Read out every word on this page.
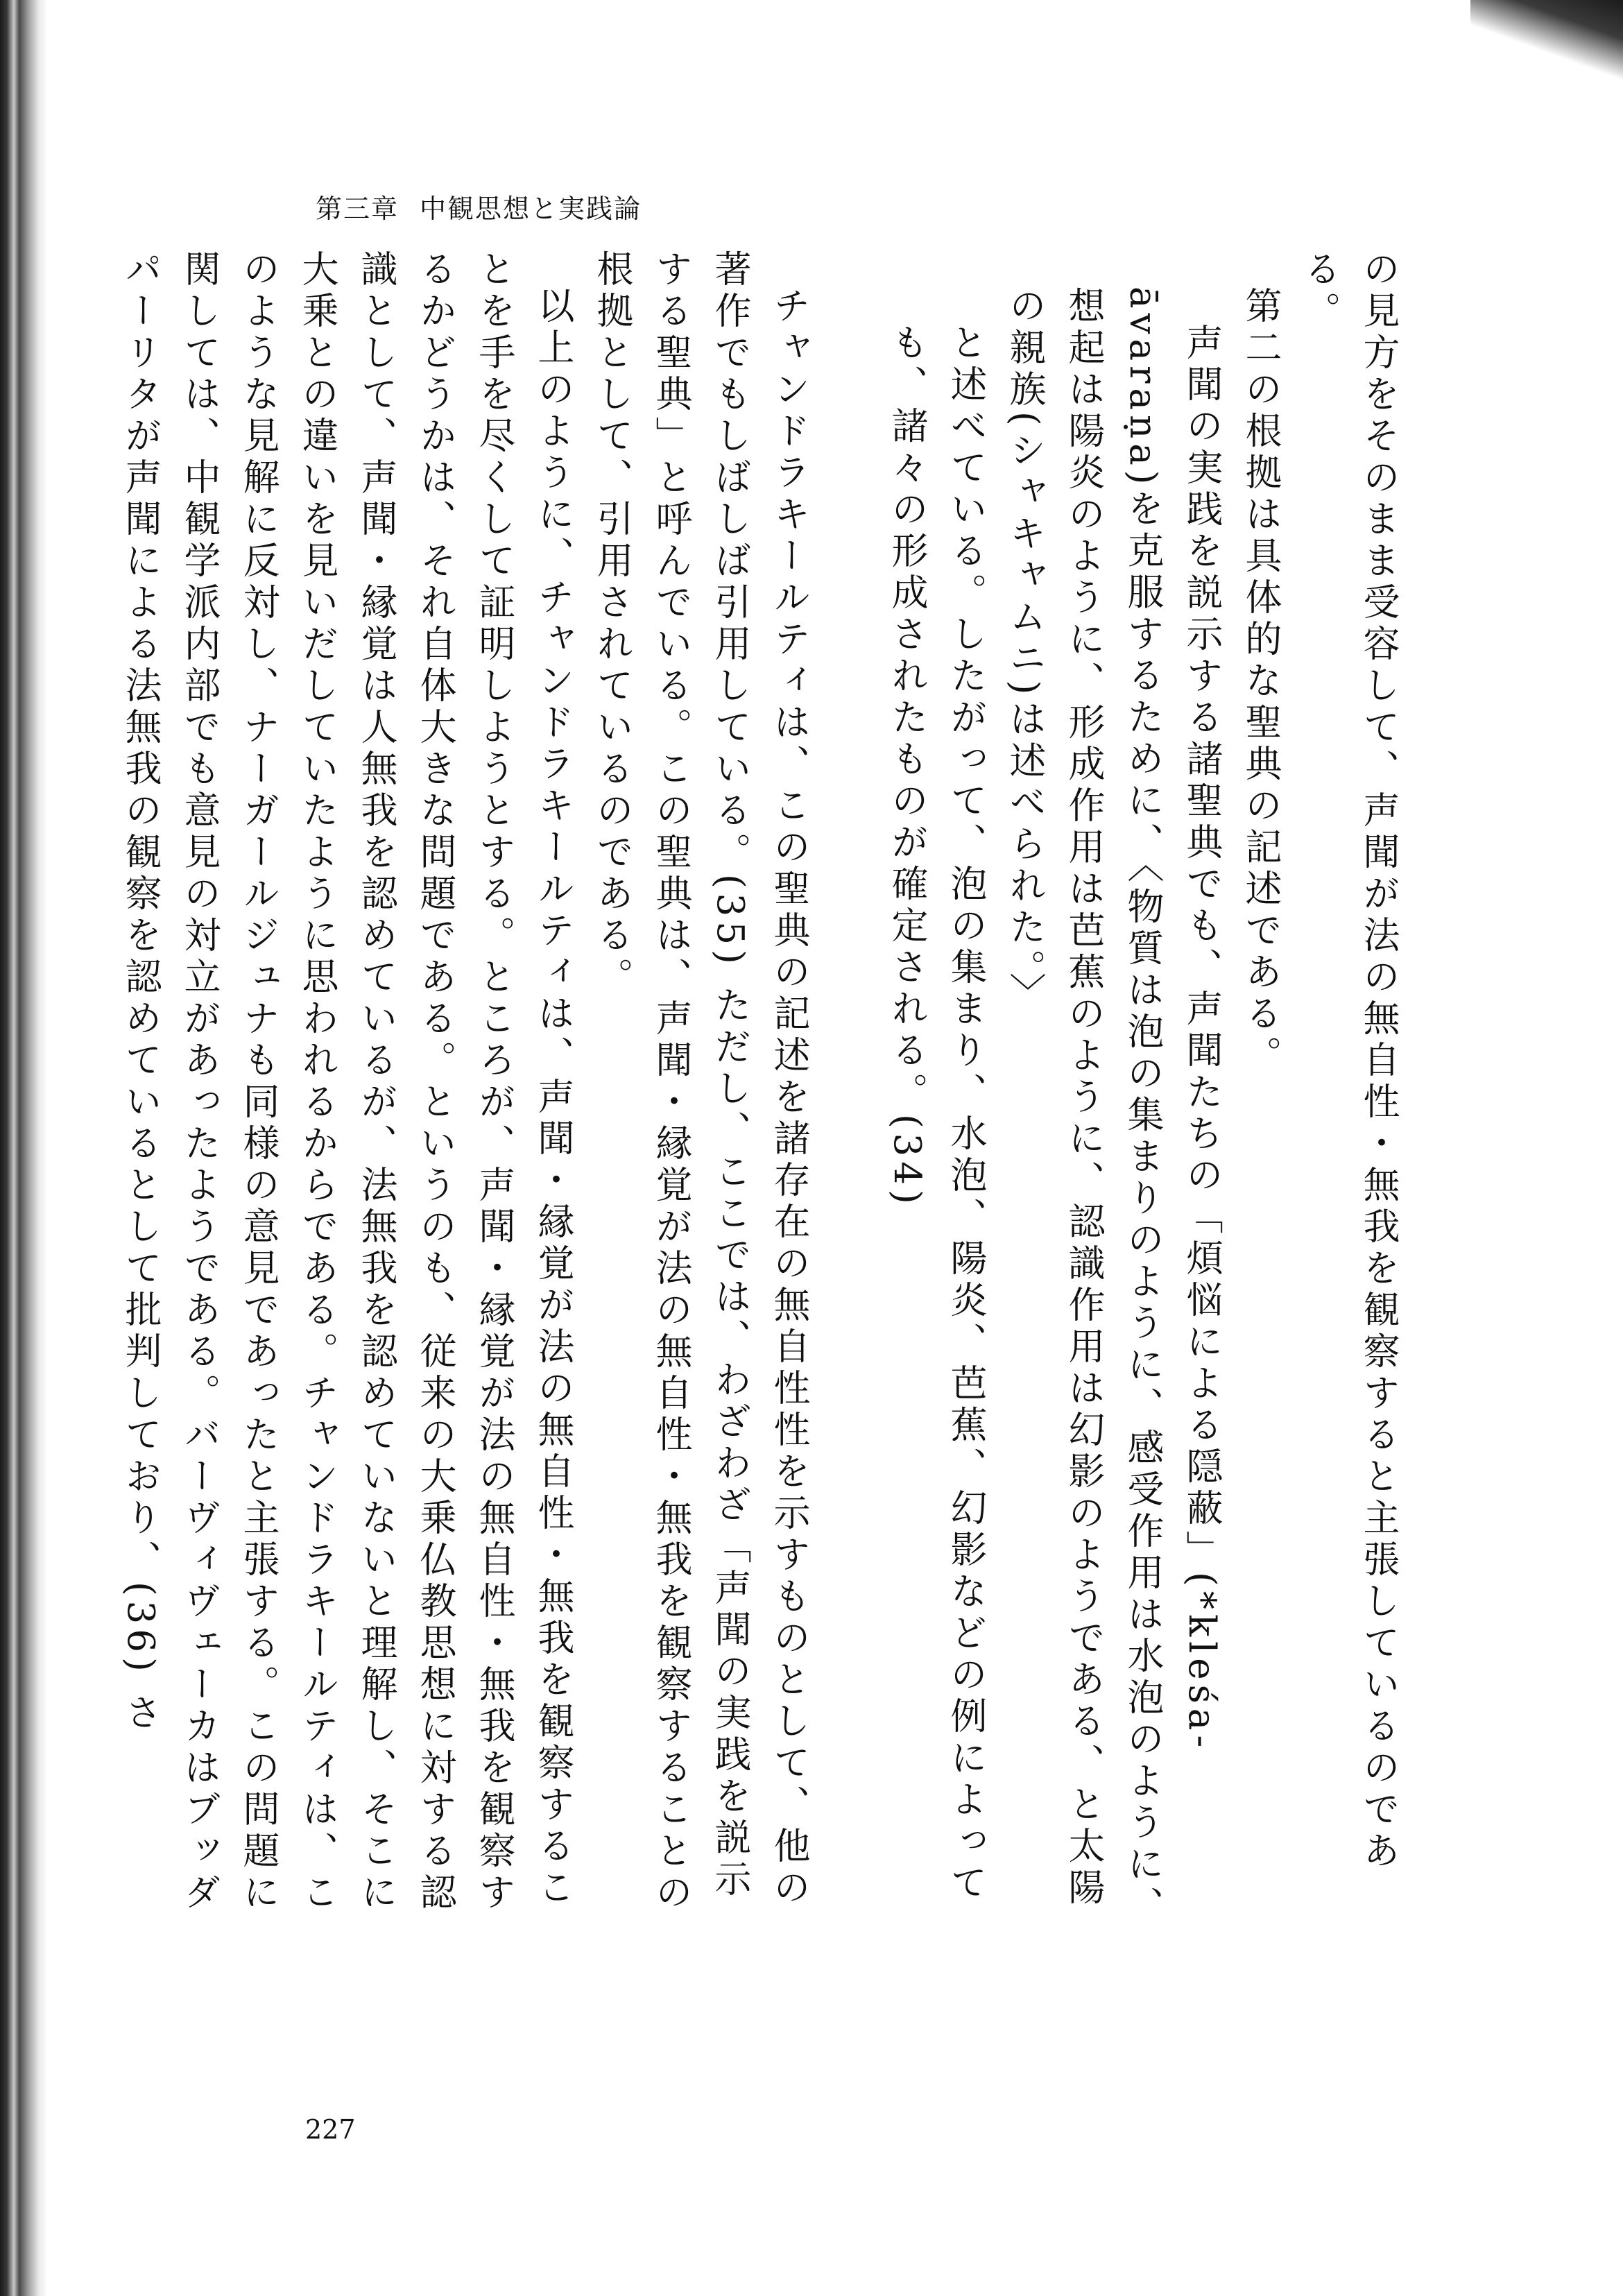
第三章 中観思想と実践論

の見方をそのまま受容して、声聞が法の無自性・無我を観察すると主張しているのである。

第二の根拠は具体的な聖典の記述である。

声聞の実践を説示する諸聖典でも、声聞たちの「煩悩による隠蔽」(*kleśa-āvaraṇa)を克服するために、〈物質は泡の集まりのように、感受作用は水泡のように、想起は陽炎のように、形成作用は芭蕉のように、認識作用は幻影のようである、と太陽の親族(シャキャムニ)は述べられた。〉

と述べている。したがって、泡の集まり、水泡、陽炎、芭蕉、幻影などの例によっても、諸々の形成されたものが確定される。(34)

チャンドラキールティは、この聖典の記述を諸存在の無自性性を示すものとして、他の著作でもしばしば引用している。(35) ただし、ここでは、わざわざ「声聞の実践を説示する聖典」と呼んでいる。この聖典は、声聞・縁覚が法の無自性・無我を観察することの根拠として、引用されているのである。

以上のように、チャンドラキールティは、声聞・縁覚が法の無自性・無我を観察することを手を尽くして証明しようとする。ところが、声聞・縁覚が法の無自性・無我を観察するかどうかは、それ自体大きな問題である。というのも、従来の大乗仏教思想に対する認識として、声聞・縁覚は人無我を認めているが、法無我を認めていないと理解し、そこに大乗との違いを見いだしていたように思われるからである。チャンドラキールティは、このような見解に反対し、ナーガールジュナも同様の意見であったと主張する。この問題に関しては、中観学派内部でも意見の対立があったようである。バーヴィヴェーカはブッダパーリタが声聞による法無我の観察を認めているとして批判しており、(36) さ

227
